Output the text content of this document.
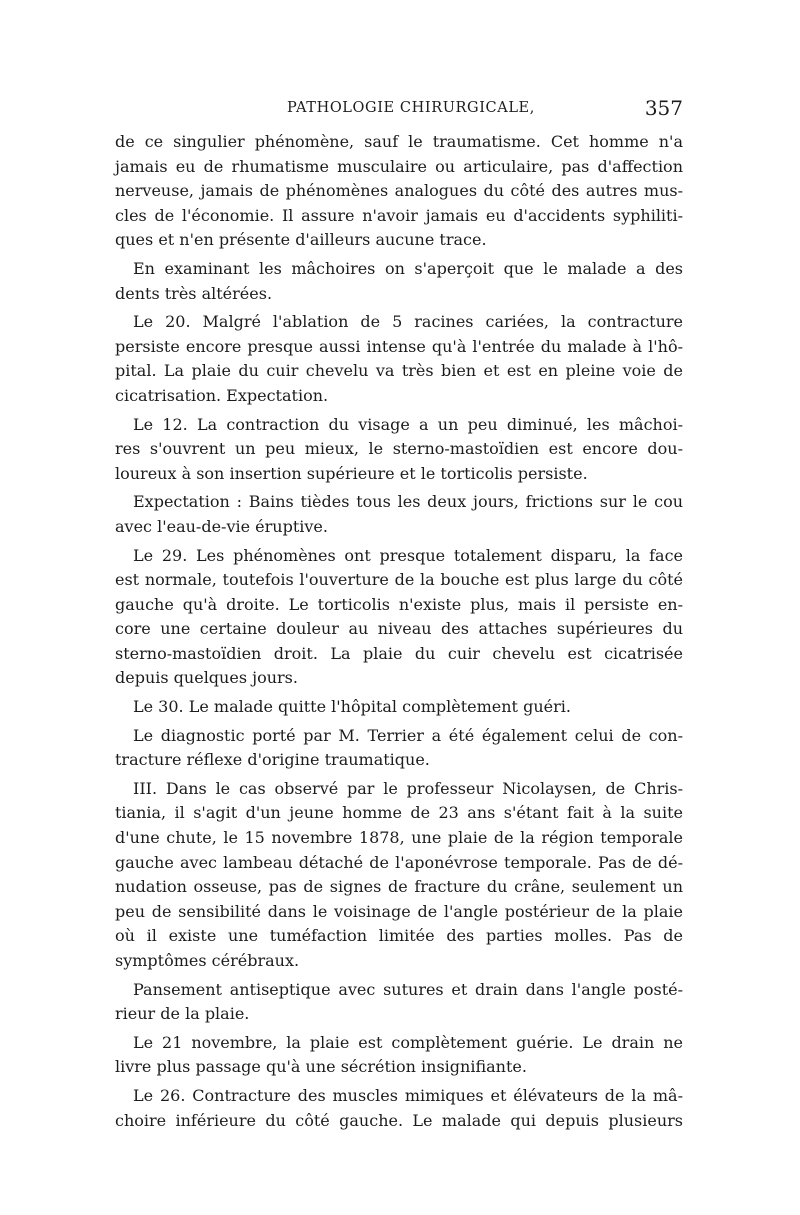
PATHOLOGIE CHIRURGICALE,	357

de ce singulier phénomène, sauf le traumatisme. Cet homme n'a
jamais eu de rhumatisme musculaire ou articulaire, pas d'affection
nerveuse, jamais de phénomènes analogues du côté des autres mus-
cles de l'économie. Il assure n'avoir jamais eu d'accidents syphiliti-
ques et n'en présente d'ailleurs aucune trace.

En examinant les mâchoires on s'aperçoit que le malade a des
dents très altérées.

Le 20. Malgré l'ablation de 5 racines cariées, la contracture
persiste encore presque aussi intense qu'à l'entrée du malade à l'hô-
pital. La plaie du cuir chevelu va très bien et est en pleine voie de
cicatrisation. Expectation.

Le 12. La contraction du visage a un peu diminué, les mâchoi-
res s'ouvrent un peu mieux, le sterno-mastoïdien est encore dou-
loureux à son insertion supérieure et le torticolis persiste.

Expectation : Bains tièdes tous les deux jours, frictions sur le cou
avec l'eau-de-vie éruptive.

Le 29. Les phénomènes ont presque totalement disparu, la face
est normale, toutefois l'ouverture de la bouche est plus large du côté
gauche qu'à droite. Le torticolis n'existe plus, mais il persiste en-
core une certaine douleur au niveau des attaches supérieures du
sterno-mastoïdien droit. La plaie du cuir chevelu est cicatrisée
depuis quelques jours.

Le 30. Le malade quitte l'hôpital complètement guéri.

Le diagnostic porté par M. Terrier a été également celui de con-
tracture réflexe d'origine traumatique.

III. Dans le cas observé par le professeur Nicolaysen, de Chris-
tiania, il s'agit d'un jeune homme de 23 ans s'étant fait à la suite
d'une chute, le 15 novembre 1878, une plaie de la région temporale
gauche avec lambeau détaché de l'aponévrose temporale. Pas de dé-
nudation osseuse, pas de signes de fracture du crâne, seulement un
peu de sensibilité dans le voisinage de l'angle postérieur de la plaie
où il existe une tuméfaction limitée des parties molles. Pas de
symptômes cérébraux.

Pansement antiseptique avec sutures et drain dans l'angle posté-
rieur de la plaie.

Le 21 novembre, la plaie est complètement guérie. Le drain ne
livre plus passage qu'à une sécrétion insignifiante.

Le 26. Contracture des muscles mimiques et élévateurs de la mâ-
choire inférieure du côté gauche. Le malade qui depuis plusieurs
